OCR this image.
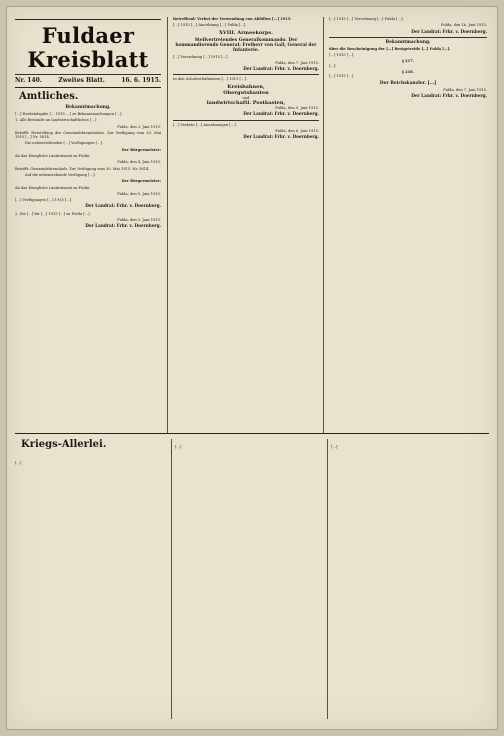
Fuldaer Kreisblatt
Nr. 140.	Zweites Blatt.	16. 6. 1915.
Amtliches.
Bekanntmachung.

[…] Herbstabgabe [… 1915 …] zu Bekanntmachungen […].

1. Alle Bestände an landwirtschaftlichen […]

Fulda, den 3. Juni 1915.

Betrifft: Herstellung des Gemeindebrennholzes. Zur Verfügung vom 30. Mai 1915 […] Nr. 5814.

Die nebenstehenden […] Verfügungen […].

Der Bürgermeister:

An das Königliche Landratsamt zu Fulda.

Fulda, den 4. Juni 1915.

Betrifft: Gemeindebrennholz. Zur Verfügung vom 30. Mai 1915. Nr. 5814.

Auf die nebenstehende Verfügung […].

Der Bürgermeister:

An das Königliche Landratsamt zu Fulda.

Fulda, den 5. Juni 1915.

[…] Verfügungen […] 1915 […].

Der Landrat: Frhr. v. Doernberg.

2. Die […] für […] 1915 […] zu Fulda […].

Fulda, den 5. Juni 1915.

Der Landrat: Frhr. v. Doernberg.

Betreffend: Verbot der Verwendung von Abfällen […] 1915.

[…] 1915 […] Anordnung […] Fulda […].

XVIII. Armeekorps.
Stellvertretendes Generalkommando. Der kommandierende General: Freiherr von Gall, General der Infanterie.

[…] Verordnung […] 1915 […].

Fulda, den 7. Juni 1915.

Der Landrat: Frhr. v. Doernberg.

In den Schulverhältnissen […] 1915 […].

Kreisbahnen,
Obergutsbauten
und
landwirtschaftl. Postkasten,

Fulda, den 9. Juni 1915.

Der Landrat: Frhr. v. Doernberg.

[…] Verbote […] Anordnungen […].

Fulda, den 6. Juni 1915.

Der Landrat: Frhr. v. Doernberg.

[…] 1915 […] Verordnung […] Fulda […].

Fulda, den 16. Juni 1915.

Der Landrat: Frhr. v. Doernberg.
Bekanntmachung.

über die Bescheinigung der […] Brotgetreide […] Fulda […].

[…] 1915 […].

§ 217.

[…].

§ 218.

[…] 1915 […].

Der Reichskanzler. […]

Fulda, den 7. Juni 1915.

Der Landrat: Frhr. v. Doernberg.
Kriegs-Allerlei.

[…]

[…]	[…]
